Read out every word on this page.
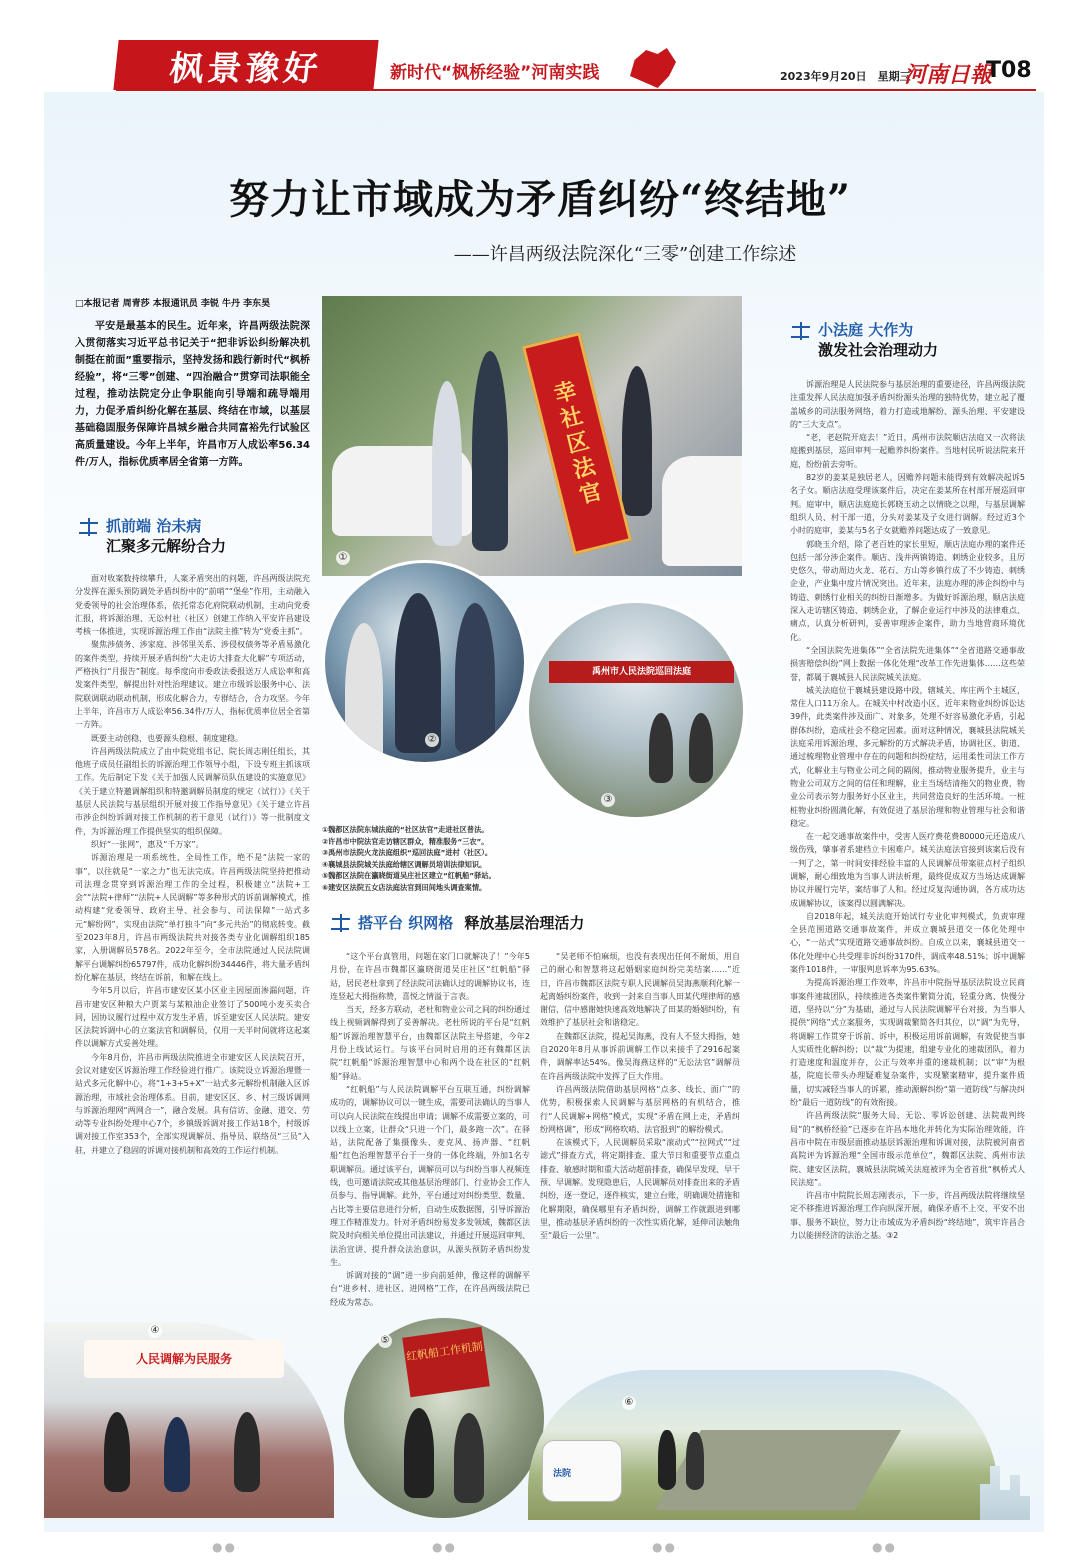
枫景豫好	新时代“枫桥经验”河南实践	2023年9月20日　星期三
河南日報
T08
努力让市域成为矛盾纠纷“终结地”
——许昌两级法院深化“三零”创建工作综述
□本报记者 周青莎 本报通讯员 李锐 牛丹 李东昊
平安是最基本的民生。近年来，许昌两级法院深入贯彻落实习近平总书记关于“把非诉讼纠纷解决机制挺在前面”重要指示，坚持发扬和践行新时代“枫桥经验”，将“三零”创建、“四治融合”贯穿司法职能全过程，推动法院定分止争职能向引导端和疏导端用力，力促矛盾纠纷化解在基层、终结在市域，以基层基础稳固服务保障许昌城乡融合共同富裕先行试验区高质量建设。今年上半年，许昌市万人成讼率56.34件/万人，指标优质率居全省第一方阵。
抓前端 治未病
汇聚多元解纷合力

面对收案数持续攀升，人案矛盾突出的问题，许昌两级法院充分发挥在源头预防调处矛盾纠纷中的“前哨”“堡垒”作用，主动融入党委领导的社会治理体系，依托常态化府院联动机制，主动向党委汇报，将诉源治理、无讼村社（社区）创建工作纳入平安许昌建设考核一体推进，实现诉源治理工作由“法院主推”转为“党委主抓”。

聚焦涉债务、涉家庭、涉邻里关系、涉侵权债务等矛盾易激化的案件类型，持续开展矛盾纠纷“大走访大排查大化解”专项活动，严格执行“月报告”制度。每季度向市委政法委报送万人成讼率和高发案件类型，解提出针对性治理建议。建立市级诉讼服务中心、法院联调联动联动机制，形成化解合力，专群结合，合力攻坚。今年上半年，许昌市万人成讼率56.34件/万人，指标优质率位居全省第一方阵。

既要主动创稳，也要源头稳根、制度建稳。

许昌两级法院成立了由中院党组书记、院长周志刚任组长，其他班子成员任副组长的诉源治理工作领导小组，下设专班主抓该项工作。先后制定下发《关于加强人民调解员队伍建设的实施意见》《关于建立特邀调解组织和特邀调解员制度的规定（试行）》《关于基层人民法院与基层组织开展对接工作指导意见》《关于建立许昌市涉企纠纷诉调对接工作机制的若干意见（试行）》等一批制度文件，为诉源治理工作提供坚实的组织保障。

织好“一张网”，惠及“千万家”。

诉源治理是一项系统性、全局性工作，绝不是“法院一家的事”，以往就是“一家之力”也无法完成。许昌两级法院坚持把推动司法理念贯穿到诉源治理工作的全过程，积极建立“法院+工会”“法院+律师”“法院+人民调解”等多种形式的诉前调解模式，推动构建“党委领导、政府主导、社会参与、司法保障”一站式多元“解纷网”，实现由法院“单打独斗”向“多元共治”的彻底转变。截至2023年8月，许昌市两级法院共对接各类专业化调解组织185家，入册调解员578名。2022年至今，全市法院通过人民法院调解平台调解纠纷65797件，成功化解纠纷34446件，将大量矛盾纠纷化解在基层，终结在诉前，和解在线上。

今年5月以后，许昌市建安区某小区业主因屋面渗漏问题，许昌市建安区种粮大户贾某与某粮油企业签订了500吨小麦买卖合同，因协议履行过程中双方发生矛盾，诉至建安区人民法院。建安区法院诉调中心的立案法官和调解员，仅用一天半时间就将这起案件以调解方式妥善处理。

今年8月份，许昌市两级法院推进全市建安区人民法院召开，会议对建安区诉源治理工作经验进行推广。该院设立诉源治理暨一站式多元化解中心，将“1+3+5+X”一站式多元解纷机制融入区诉源治理，市域社会治理体系。目前，建安区区、乡、村三级诉调网与诉源治理网“两网合一”，融合发展。具有信访、金融、道交、劳动等专业纠纷处理中心7个，乡镇级诉调对接工作站18个，村级诉调对接工作室353个，全部实现调解员、指导员、联络员“三员”入驻，并建立了稳固的诉调对接机制和高效的工作运行机制。

幸社区法官
①
②
禹州市人民法院巡回法庭
③
①魏都区法院东城法庭的“社区法官”走进社区普法。
②许昌市中院法官走访辖区群众，精准服务“三农”。
③禹州市法院火龙法庭组织“巡回法庭”进村（社区）。
④襄城县法院城关法庭给辖区调解员培训法律知识。
⑤魏都区法院在瀛晓街道吴庄社区建立“红帆船”驿站。
⑥建安区法院五女店法庭法官到田间地头调查案情。
小法庭 大作为
激发社会治理动力

诉源治理是人民法院参与基层治理的重要途径，许昌两级法院注重发挥人民法庭加强矛盾纠纷源头治理的独特优势，建立起了覆盖城乡的司法服务网络，着力打造或地解纷、源头治理、平安建设的“三大支点”。

“老，老赵院开庭去！”近日，禹州市法院顺店法庭又一次将法庭搬到基层，巡回审判一起赡养纠纷案件。当地村民听说法院来开庭，纷纷前去旁听。

82岁的姜某是独居老人，因赡养问题未能得到有效解决起诉5名子女。顺店法庭受理该案件后，决定在姜某所在村部开展巡回审判。庭审中，顺店法庭庭长郭晓玉动之以情晓之以理，与基层调解组织人员、村干部一道，分头对姜某及子女进行调解。经过近3个小时的庭审，姜某与5名子女就赡养问题达成了一致意见。

郭晓玉介绍，除了老百姓的家长里短，顺店法庭办理的案件还包括一部分涉企案件。顺店、浅井两镇铸造、刺绣企业较多，且厉史悠久，带动周边火龙、花石、方山等乡镇行成了不少铸造、刺绣企业，产业集中度片情况突出。近年来，法庭办理的涉企纠纷中与铸造、刺绣行业相关的纠纷日渐增多。为做好诉源治理，顺店法庭深入走访辖区铸造、刺绣企业，了解企业运行中涉及的法律难点、痛点，认真分析研判，妥善审理涉企案件，助力当地营商环境优化。

“全国法院先进集体”“全省法院先进集体”“全省道路交通事故损害赔偿纠纷”网上数据一体化处理“改革工作先进集体……这些荣誉，都属于襄城县人民法院城关法庭。

城关法庭位于襄城县建设路中段，辖城关、库庄两个主城区，常住人口11万余人。在城关中村改造小区，近年来物业纠纷诉讼达39件，此类案件涉及面广、对象多，处理不好容易激化矛盾，引起群体纠纷，造成社会不稳定因素。面对这种情况，襄城县法院城关法庭采用诉源治理、多元解纷的方式解决矛盾，协调社区、街道、通过梳理物业管理中存在的问题和纠纷症结，运用柔性司法工作方式，化解业主与物业公司之间的隔阂，推动物业服务提升，业主与物业公司双方之间的信任和理解，业主当场结清拖欠的物业费，物业公司表示努力服务好小区业主，共同营造良好的生活环境。一桩桩物业纠纷圆满化解，有效促进了基层治理和物业管理与社会和谐稳定。

在一起交通事故案件中，受害人医疗费花费80000元还造成八级伤残，肇事者系建档立卡困难户。城关法庭法官接到该案后没有一判了之，第一时间安排经验丰富的人民调解员带案驻点村子组织调解，耐心细致地为当事人讲法析理，最终促成双方当场达成调解协议并履行完毕，案结事了人和。经过反复沟通协调，各方成功达成调解协议，该案得以圆满解决。

自2018年起，城关法庭开始试行专业化审判模式，负责审理全县范围道路交通事故案件，并成立襄城县道交一体化处理中心，“一站式”实现道路交通事故纠纷。自成立以来，襄城县道交一体化处理中心共受理非诉纠纷3170件，调成率48.51%；诉中调解案件1018件，一审服判息诉率为95.63%。

为提高诉源治理工作效率，许昌市中院指导基层法院设立民商事案件速裁团队，持续推进各类案件繁简分流，轻重分离、快慢分道，坚持以“分”为基础，通过与人民法院调解平台对接，为当事人提供“网络”式立案服务，实现调裁繁简各归其位，以“调”为先导，将调解工作贯穿于诉前、诉中，积极运用诉前调解，有效促使当事人实质性化解纠纷；以“裁”为提速，组建专业化的速裁团队，着力打造速度和温度并存，公正与效率并重的速裁机制；以“审”为根基，院庭长带头办理疑难复杂案件，实现繁案精审，提升案件质量，切实减轻当事人的诉累，推动源解纠纷“第一道防线”与解决纠纷“最后一道防线”的有效衔接。

许昌两级法院“服务大局、无讼、零诉讼创建、法院裁判终局”的“枫桥经验”已逐步在许昌本地化并转化为实际治理效能，许昌市中院在市级层面推动基层诉源治理和诉调对接，法院被河南省高院评为诉源治理“全国市级示范单位”，魏都区法院、禹州市法院、建安区法院，襄城县法院城关法庭被评为全省首批“枫桥式人民法庭”。

许昌市中院院长周志刚表示，下一步，许昌两级法院将继续坚定不移推进诉源治理工作向纵深开展，确保矛盾不上交、平安不出事、服务不缺位，努力让市域成为矛盾纠纷“终结地”，筑牢许昌合力以能拼经济的法治之基。③2

搭平台 织网格 释放基层治理活力

“这个平台真管用，问题在家门口就解决了！”今年5月份，在许昌市魏都区瀛晓街道吴庄社区“红帆船”驿站，居民老杜拿到了经法院司法确认过的调解协议书，连连竖起大拇指称赞，喜悦之情溢于言表。

当天，经多方联动，老杜和物业公司之间的纠纷通过线上视频调解得到了妥善解决。老杜所说的平台是“红帆船”诉源治理智慧平台，由魏都区法院主导搭建，今年2月份上线试运行。与该平台同时启用的还有魏都区法院“红帆船”诉源治理智慧中心和两个设在社区的“红帆船”驿站。

“红帆船”与人民法院调解平台互联互通，纠纷调解成功的，调解协议可以一键生成，需要司法确认的当事人可以向人民法院在线提出申请；调解不成需要立案的，可以线上立案，让群众“只进一个门，最多跑一次”。在驿站，法院配备了集摄像头、麦克风、扬声器、“红帆船”红色治理智慧平台于一身的一体化终端，外加1名专职调解员。通过该平台，调解员可以与纠纷当事人视频连线，也可邀请法院或其他基层治理部门、行业协会工作人员参与、指导调解。此外，平台通过对纠纷类型、数量、占比等主要信息进行分析，自动生成数据图，引导诉源治理工作精准发力。针对矛盾纠纷易发多发领域，魏都区法院及时向相关单位提出司法建议，并通过开展巡回审判、法治宣讲、提升群众法治意识，从源头预防矛盾纠纷发生。

诉调对接的“调”进一步向前延伸，像这样的调解平台“进乡村、进社区、进网格”工作，在许昌两级法院已经成为常态。

“吴老师不怕麻烦，也没有表现出任何不耐烦，用自己的耐心和智慧将这起婚姻家庭纠纷完美结案……”近日，许昌市魏都区法院专职人民调解员吴海燕顺利化解一起离婚纠纷案件，收到一封来自当事人田某代理律师的感谢信，信中感谢她快速高效地解决了田某的婚姻纠纷，有效维护了基层社会和谐稳定。

在魏都区法院，提起吴海燕，没有人不竖大拇指，她自2020年8月从事诉前调解工作以来接手了2916起案件，调解率达54%。像吴海燕这样的“无讼法官”调解员在许昌两级法院中发挥了巨大作用。

许昌两级法院借助基层网格“点多、线长、面广”的优势，积极探索人民调解与基层网格的有机结合，推行“人民调解+网格”模式，实现“矛盾在网上走，矛盾纠纷网格调”，形成“网格吹哨、法官报到”的解纷模式。

在该模式下，人民调解员采取“滚动式”“拉网式”“过滤式”排查方式，将定期排查、重大节日和重要节点重点排查、敏感时期和重大活动超前排查，确保早发现、早干预、早调解。发现隐患后，人民调解员对排查出来的矛盾纠纷，逐一登记，逐件核实，建立台账，明确调处措施和化解期限，确保哪里有矛盾纠纷，调解工作就跟进到哪里，推动基层矛盾纠纷的一次性实质化解，延伸司法触角至“最后一公里”。

人民调解为民服务
④
红帆船工作机制
⑤
法院
⑥
●●	●●	●●	●●
